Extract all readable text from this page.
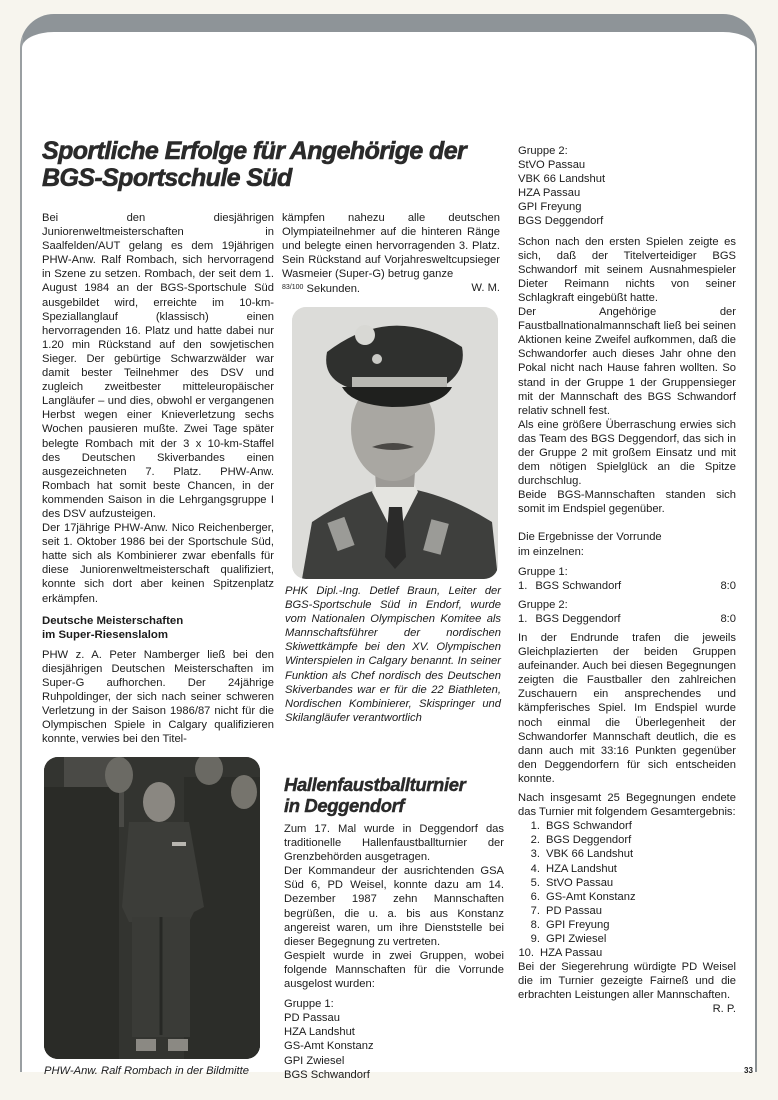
Sportliche Erfolge für Angehörige der BGS-Sportschule Süd

Bei den diesjährigen Juniorenweltmeisterschaften in Saalfelden/AUT gelang es dem 19jährigen PHW-Anw. Ralf Rombach, sich hervorragend in Szene zu setzen. Rombach, der seit dem 1. August 1984 an der BGS-Sportschule Süd ausgebildet wird, erreichte im 10-km-Speziallanglauf (klassisch) einen hervorragenden 16. Platz und hatte dabei nur 1.20 min Rückstand auf den sowjetischen Sieger. Der gebürtige Schwarzwälder war damit bester Teilnehmer des DSV und zugleich zweitbester mitteleuropäischer Langläufer – und dies, obwohl er vergangenen Herbst wegen einer Knieverletzung sechs Wochen pausieren mußte. Zwei Tage später belegte Rombach mit der 3 x 10-km-Staffel des Deutschen Skiverbandes einen ausgezeichneten 7. Platz. PHW-Anw. Rombach hat somit beste Chancen, in der kommenden Saison in die Lehrgangsgruppe I des DSV aufzusteigen.

Der 17jährige PHW-Anw. Nico Reichenberger, seit 1. Oktober 1986 bei der Sportschule Süd, hatte sich als Kombinierer zwar ebenfalls für diese Juniorenweltmeisterschaft qualifiziert, konnte sich dort aber keinen Spitzenplatz erkämpfen.

Deutsche Meisterschaften
im Super-Riesenslalom

PHW z. A. Peter Namberger ließ bei den diesjährigen Deutschen Meisterschaften im Super-G aufhorchen. Der 24jährige Ruhpoldinger, der sich nach seiner schweren Verletzung in der Saison 1986/87 nicht für die Olympischen Spiele in Calgary qualifizieren konnte, verwies bei den Titel-

kämpfen nahezu alle deutschen Olympiateilnehmer auf die hinteren Ränge und belegte einen hervorragenden 3. Platz. Sein Rückstand auf Vorjahresweltcupsieger Wasmeier (Super-G) betrug ganze

$^{83/100}$ Sekunden.	W. M.

PHK Dipl.-Ing. Detlef Braun, Leiter der BGS-Sportschule Süd in Endorf, wurde vom Nationalen Olympischen Komitee als Mannschaftsführer der nordischen Skiwettkämpfe bei den XV. Olympischen Winterspielen in Calgary benannt. In seiner Funktion als Chef nordisch des Deutschen Skiverbandes war er für die 22 Biathleten, Nordischen Kombinierer, Skispringer und Skilangläufer verantwortlich

PHW-Anw. Ralf Rombach in der Bildmitte

Hallenfaustballturnier
in Deggendorf

Zum 17. Mal wurde in Deggendorf das traditionelle Hallenfaustballturnier der Grenzbehörden ausgetragen.

Der Kommandeur der ausrichtenden GSA Süd 6, PD Weisel, konnte dazu am 14. Dezember 1987 zehn Mannschaften begrüßen, die u. a. bis aus Konstanz angereist waren, um ihre Dienststelle bei dieser Begegnung zu vertreten.

Gespielt wurde in zwei Gruppen, wobei folgende Mannschaften für die Vorrunde ausgelost wurden:

Gruppe 1:
PD Passau
HZA Landshut
GS-Amt Konstanz
GPI Zwiesel
BGS Schwandorf
Gruppe 2:
StVO Passau
VBK 66 Landshut
HZA Passau
GPI Freyung
BGS Deggendorf

Schon nach den ersten Spielen zeigte es sich, daß der Titelverteidiger BGS Schwandorf mit seinem Ausnahmespieler Dieter Reimann nichts von seiner Schlagkraft eingebüßt hatte.

Der Angehörige der Faustballnationalmannschaft ließ bei seinen Aktionen keine Zweifel aufkommen, daß die Schwandorfer auch dieses Jahr ohne den Pokal nicht nach Hause fahren wollten. So stand in der Gruppe 1 der Gruppensieger mit der Mannschaft des BGS Schwandorf relativ schnell fest.

Als eine größere Überraschung erwies sich das Team des BGS Deggendorf, das sich in der Gruppe 2 mit großem Einsatz und mit dem nötigen Spielglück an die Spitze durchschlug.

Beide BGS-Mannschaften standen sich somit im Endspiel gegenüber.

Die Ergebnisse der Vorrunde
im einzelnen:

Gruppe 1:
1. BGS Schwandorf	8:0
Gruppe 2:
1. BGS Deggendorf	8:0

In der Endrunde trafen die jeweils Gleichplazierten der beiden Gruppen aufeinander. Auch bei diesen Begegnungen zeigten die Faustballer den zahlreichen Zuschauern ein ansprechendes und kämpferisches Spiel. Im Endspiel wurde noch einmal die Überlegenheit der Schwandorfer Mannschaft deutlich, die es dann auch mit 33:16 Punkten gegenüber den Deggendorfern für sich entscheiden konnte.

Nach insgesamt 25 Begegnungen endete das Turnier mit folgendem Gesamtergebnis:

1. BGS Schwandorf
2. BGS Deggendorf
3. VBK 66 Landshut
4. HZA Landshut
5. StVO Passau
6. GS-Amt Konstanz
7. PD Passau
8. GPI Freyung
9. GPI Zwiesel
10. HZA Passau

Bei der Siegerehrung würdigte PD Weisel die im Turnier gezeigte Fairneß und die erbrachten Leistungen aller Mannschaften.

R. P.
33
